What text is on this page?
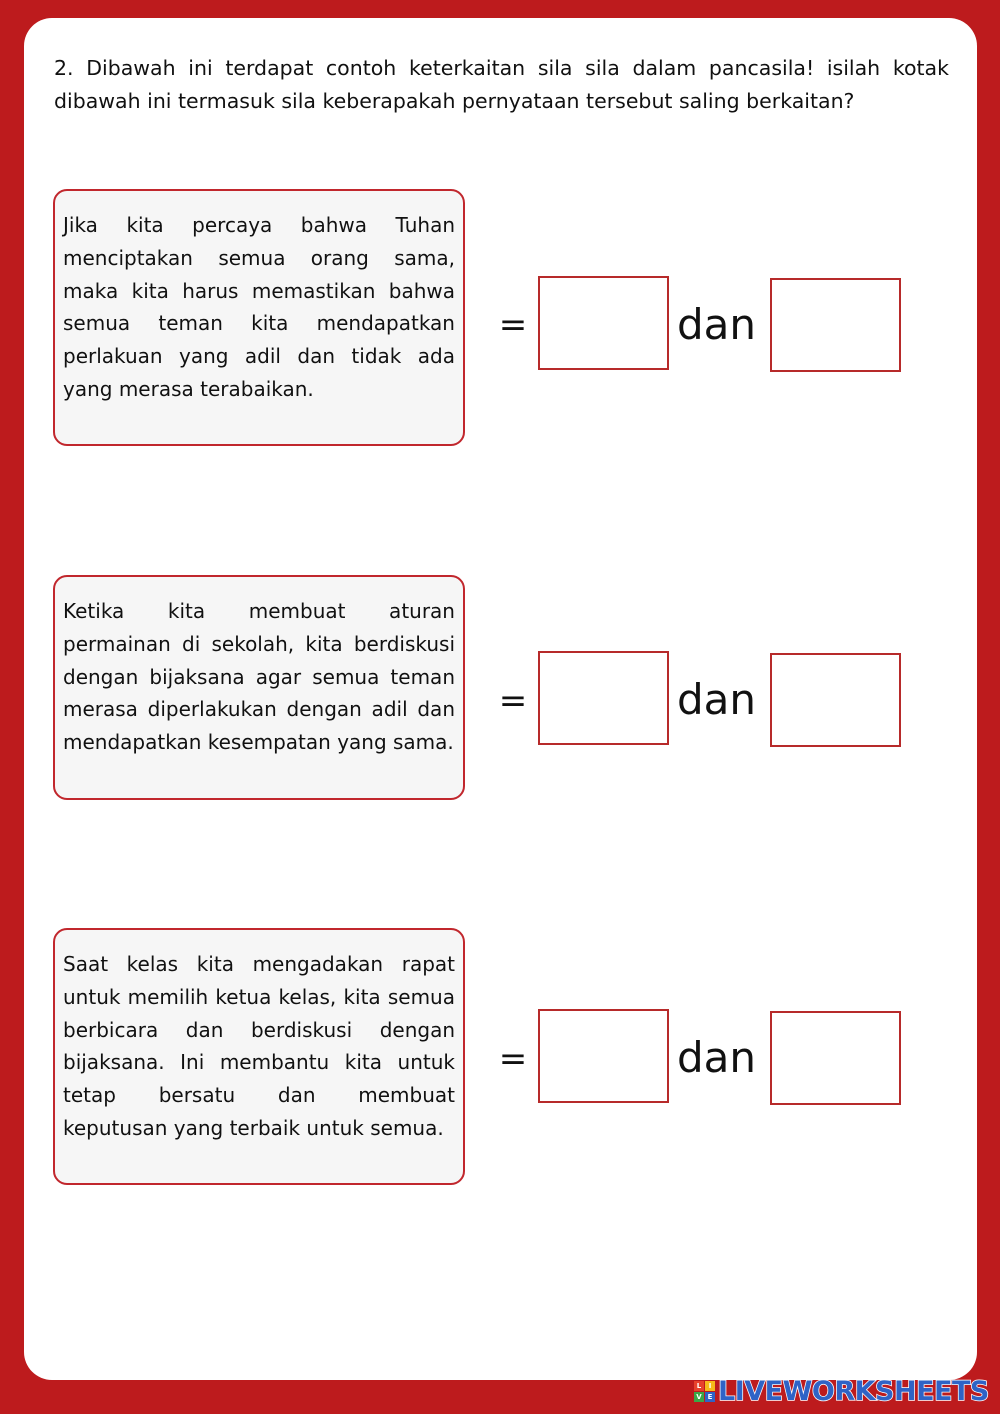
2. Dibawah ini terdapat contoh keterkaitan sila sila dalam pancasila! isilah kotak dibawah ini termasuk sila keberapakah pernyataan tersebut saling berkaitan?

Jika kita percaya bahwa Tuhan menciptakan semua orang sama, maka kita harus memastikan bahwa semua teman kita mendapatkan perlakuan yang adil dan tidak ada yang merasa terabaikan.

=	dan

Ketika kita membuat aturan permainan di sekolah, kita berdiskusi dengan bijaksana agar semua teman merasa diperlakukan dengan adil dan mendapatkan kesempatan yang sama.

=	dan

Saat kelas kita mengadakan rapat untuk memilih ketua kelas, kita semua berbicara dan berdiskusi dengan bijaksana. Ini membantu kita untuk tetap bersatu dan membuat keputusan yang terbaik untuk semua.

=	dan
L	I
V E LIVEWORKSHEETS
